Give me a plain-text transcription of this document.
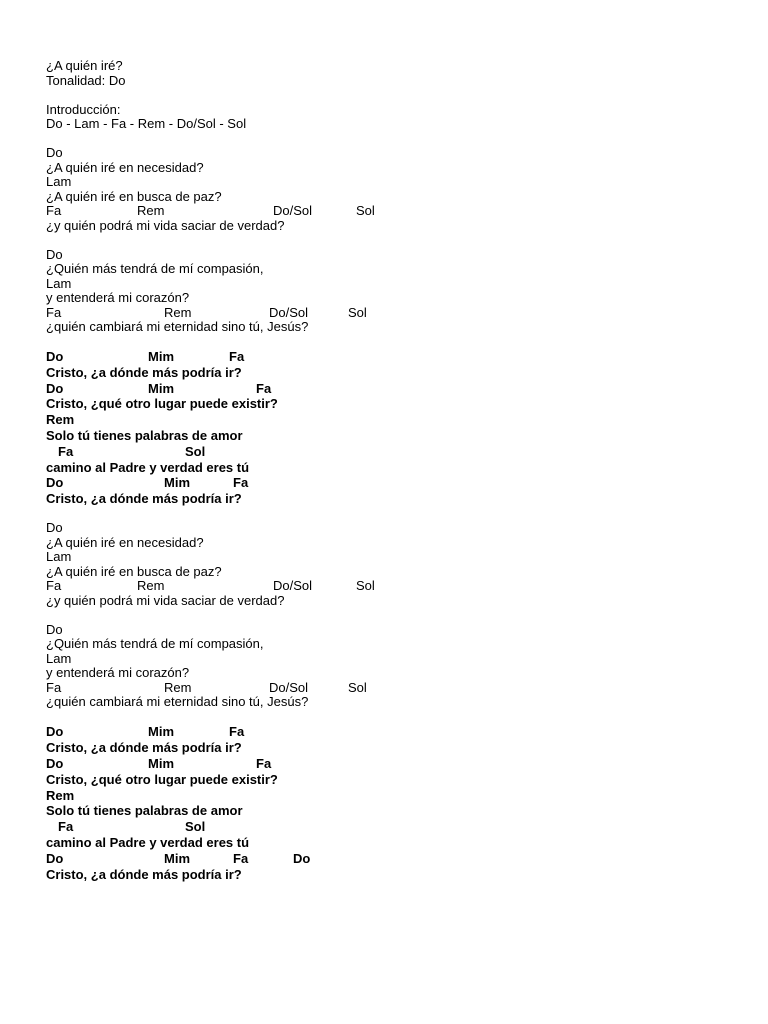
¿A quién iré?
Tonalidad: Do
Introducción:
Do - Lam - Fa - Rem - Do/Sol - Sol
Do
¿A quién iré en necesidad?
Lam
¿A quién iré en busca de paz?

Fa

	Rem

	Do/Sol

	Sol

¿y quién podrá mi vida saciar de verdad?
Do
¿Quién más tendrá de mí compasión,
Lam
y entenderá mi corazón?

Fa

	Rem

	Do/Sol

	Sol

¿quién cambiará mi eternidad sino tú, Jesús?

Do

	Mim

	Fa

Cristo, ¿a dónde más podría ir?

Do

	Mim

	Fa

Cristo, ¿qué otro lugar puede existir?
Rem
Solo tú tienes palabras de amor

Fa

	Sol

camino al Padre y verdad eres tú

Do

	Mim

	Fa

Cristo, ¿a dónde más podría ir?
Do
¿A quién iré en necesidad?
Lam
¿A quién iré en busca de paz?

Fa

	Rem

	Do/Sol

	Sol

¿y quién podrá mi vida saciar de verdad?
Do
¿Quién más tendrá de mí compasión,
Lam
y entenderá mi corazón?

Fa

	Rem

	Do/Sol

	Sol

¿quién cambiará mi eternidad sino tú, Jesús?

Do

	Mim

	Fa

Cristo, ¿a dónde más podría ir?

Do

	Mim

	Fa

Cristo, ¿qué otro lugar puede existir?
Rem
Solo tú tienes palabras de amor

Fa

	Sol

camino al Padre y verdad eres tú

Do

	Mim

	Fa

	Do

Cristo, ¿a dónde más podría ir?
